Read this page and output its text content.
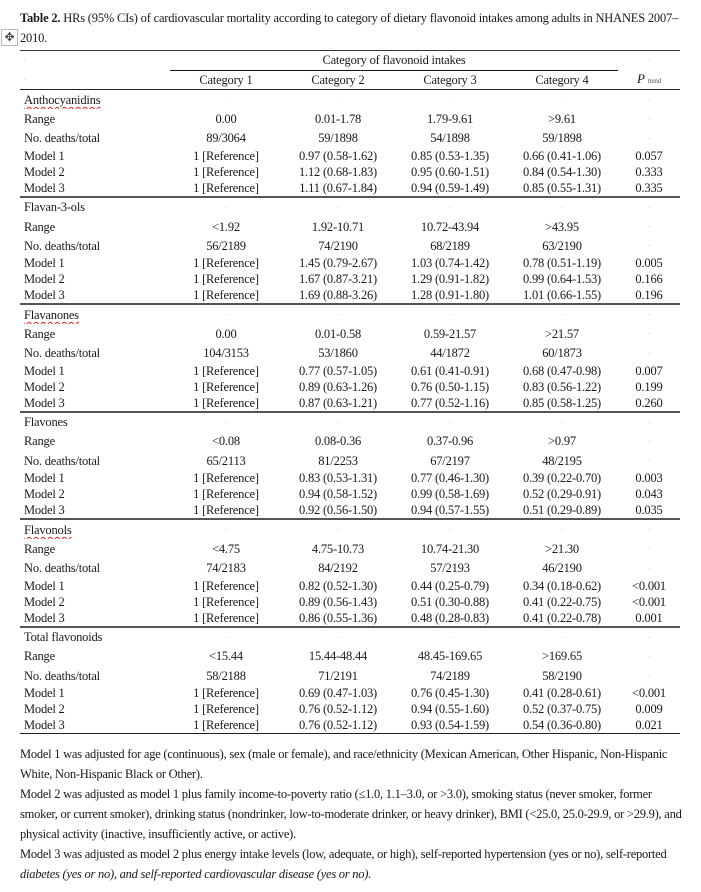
✥

Table 2. HRs (95% CIs) of cardiovascular mortality according to category of dietary flavonoid intakes among adults in NHANES 2007–2010.

.	Category of flavonoid intakes				.
.	Category 1	Category 2	Category 3	Category 4	P trend
Anthocyanidins	.	.	.	.	.
Range	0.00	0.01-1.78	1.79-9.61	>9.61	.
No. deaths/total	89/3064	59/1898	54/1898	59/1898	.
Model 1	1 [Reference]	0.97 (0.58-1.62)	0.85 (0.53-1.35)	0.66 (0.41-1.06)	0.057
Model 2	1 [Reference]	1.12 (0.68-1.83)	0.95 (0.60-1.51)	0.84 (0.54-1.30)	0.333
Model 3	1 [Reference]	1.11 (0.67-1.84)	0.94 (0.59-1.49)	0.85 (0.55-1.31)	0.335
Flavan-3-ols	.	.	.	.	.
Range	<1.92	1.92-10.71	10.72-43.94	>43.95	.
No. deaths/total	56/2189	74/2190	68/2189	63/2190	.
Model 1	1 [Reference]	1.45 (0.79-2.67)	1.03 (0.74-1.42)	0.78 (0.51-1.19)	0.005
Model 2	1 [Reference]	1.67 (0.87-3.21)	1.29 (0.91-1.82)	0.99 (0.64-1.53)	0.166
Model 3	1 [Reference]	1.69 (0.88-3.26)	1.28 (0.91-1.80)	1.01 (0.66-1.55)	0.196
Flavanones	.	.	.	.	.
Range	0.00	0.01-0.58	0.59-21.57	>21.57	.
No. deaths/total	104/3153	53/1860	44/1872	60/1873	.
Model 1	1 [Reference]	0.77 (0.57-1.05)	0.61 (0.41-0.91)	0.68 (0.47-0.98)	0.007
Model 2	1 [Reference]	0.89 (0.63-1.26)	0.76 (0.50-1.15)	0.83 (0.56-1.22)	0.199
Model 3	1 [Reference]	0.87 (0.63-1.21)	0.77 (0.52-1.16)	0.85 (0.58-1.25)	0.260
Flavones	.	.	.	.	.
Range	<0.08	0.08-0.36	0.37-0.96	>0.97	.
No. deaths/total	65/2113	81/2253	67/2197	48/2195	.
Model 1	1 [Reference]	0.83 (0.53-1.31)	0.77 (0.46-1.30)	0.39 (0.22-0.70)	0.003
Model 2	1 [Reference]	0.94 (0.58-1.52)	0.99 (0.58-1.69)	0.52 (0.29-0.91)	0.043
Model 3	1 [Reference]	0.92 (0.56-1.50)	0.94 (0.57-1.55)	0.51 (0.29-0.89)	0.035
Flavonols	.	.	.	.	.
Range	<4.75	4.75-10.73	10.74-21.30	>21.30	.
No. deaths/total	74/2183	84/2192	57/2193	46/2190	.
Model 1	1 [Reference]	0.82 (0.52-1.30)	0.44 (0.25-0.79)	0.34 (0.18-0.62)	<0.001
Model 2	1 [Reference]	0.89 (0.56-1.43)	0.51 (0.30-0.88)	0.41 (0.22-0.75)	<0.001
Model 3	1 [Reference]	0.86 (0.55-1.36)	0.48 (0.28-0.83)	0.41 (0.22-0.78)	0.001
Total flavonoids	.	.	.	.	.
Range	<15.44	15.44-48.44	48.45-169.65	>169.65	.
No. deaths/total	58/2188	71/2191	74/2189	58/2190	.
Model 1	1 [Reference]	0.69 (0.47-1.03)	0.76 (0.45-1.30)	0.41 (0.28-0.61)	<0.001
Model 2	1 [Reference]	0.76 (0.52-1.12)	0.94 (0.55-1.60)	0.52 (0.37-0.75)	0.009
Model 3	1 [Reference]	0.76 (0.52-1.12)	0.93 (0.54-1.59)	0.54 (0.36-0.80)	0.021

Model 1 was adjusted for age (continuous), sex (male or female), and race/ethnicity (Mexican American, Other Hispanic, Non-Hispanic White, Non-Hispanic Black or Other).

Model 2 was adjusted as model 1 plus family income-to-poverty ratio (≤1.0, 1.1–3.0, or >3.0), smoking status (never smoker, former smoker, or current smoker), drinking status (nondrinker, low-to-moderate drinker, or heavy drinker), BMI (<25.0, 25.0-29.9, or >29.9), and physical activity (inactive, insufficiently active, or active).

Model 3 was adjusted as model 2 plus energy intake levels (low, adequate, or high), self-reported hypertension (yes or no), self-reported diabetes (yes or no), and self-reported cardiovascular disease (yes or no).
